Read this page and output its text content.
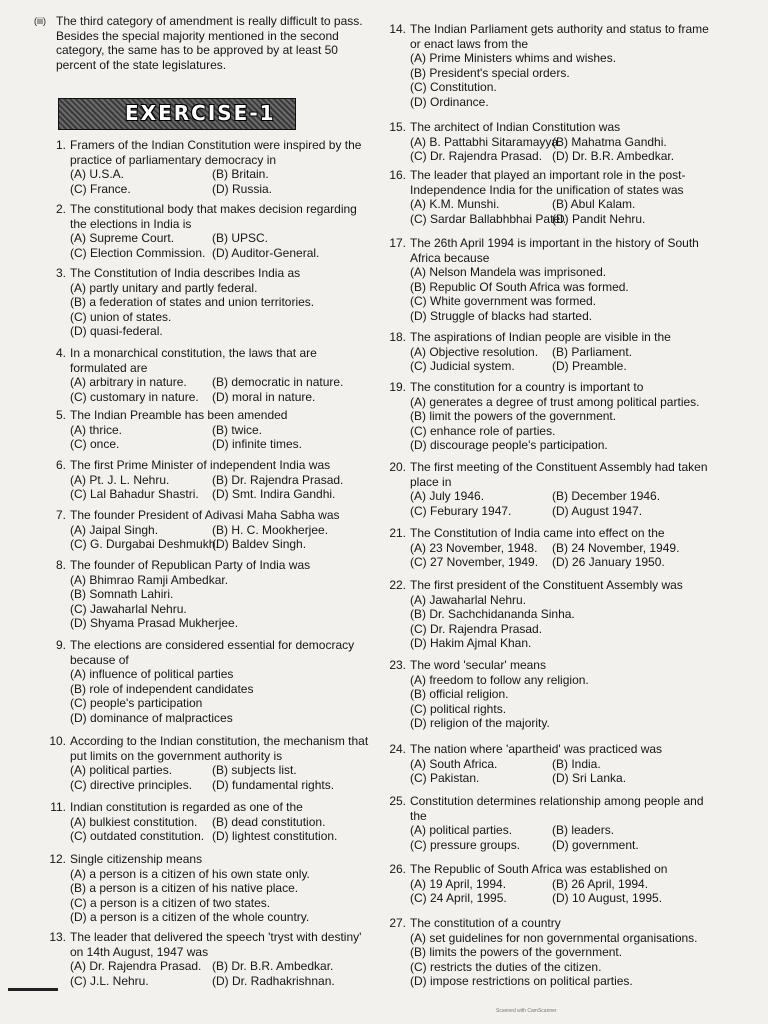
(iii) The third category of amendment is really difficult to pass. Besides the special majority mentioned in the second category, the same has to be approved by at least 50 percent of the state legislatures.
EXERCISE-1
1. Framers of the Indian Constitution were inspired by the practice of parliamentary democracy in
(A) U.S.A.	(B) Britain.
(C) France.	(D) Russia.
2. The constitutional body that makes decision regarding the elections in India is
(A) Supreme Court.	(B) UPSC.
(C) Election Commission. (D) Auditor-General.
3. The Constitution of India describes India as
(A) partly unitary and partly federal.
(B) a federation of states and union territories.
(C) union of states.
(D) quasi-federal.
4. In a monarchical constitution, the laws that are formulated are
(A) arbitrary in nature.	(B) democratic in nature.
(C) customary in nature.	(D) moral in nature.
5. The Indian Preamble has been amended
(A) thrice.	(B) twice.
(C) once.	(D) infinite times.
6. The first Prime Minister of independent India was
(A) Pt. J. L. Nehru.	(B) Dr. Rajendra Prasad.
(C) Lal Bahadur Shastri.	(D) Smt. Indira Gandhi.
7. The founder President of Adivasi Maha Sabha was
(A) Jaipal Singh.	(B) H. C. Mookherjee.
(C) G. Durgabai Deshmukh.
(D) Baldev Singh.
8. The founder of Republican Party of India was
(A) Bhimrao Ramji Ambedkar.
(B) Somnath Lahiri.
(C) Jawaharlal Nehru.
(D) Shyama Prasad Mukherjee.
9. The elections are considered essential for democracy because of
(A) influence of political parties
(B) role of independent candidates
(C) people's participation
(D) dominance of malpractices
10. According to the Indian constitution, the mechanism that put limits on the government authority is
(A) political parties.	(B) subjects list.
(C) directive principles.	(D) fundamental rights.
11. Indian constitution is regarded as one of the
(A) bulkiest constitution.	(B) dead constitution.
(C) outdated constitution. (D) lightest constitution.
12. Single citizenship means
(A) a person is a citizen of his own state only.
(B) a person is a citizen of his native place.
(C) a person is a citizen of two states.
(D) a person is a citizen of the whole country.
13. The leader that delivered the speech 'tryst with destiny' on 14th August, 1947 was
(A) Dr. Rajendra Prasad. (B) Dr. B.R. Ambedkar.
(C) J.L. Nehru.	(D) Dr. Radhakrishnan.
14. The Indian Parliament gets authority and status to frame or enact laws from the
(A) Prime Ministers whims and wishes.
(B) President's special orders.
(C) Constitution.
(D) Ordinance.
15. The architect of Indian Constitution was
(A) B. Pattabhi Sitaramayya.
(B) Mahatma Gandhi.
(C) Dr. Rajendra Prasad. (D) Dr. B.R. Ambedkar.
16. The leader that played an important role in the post-Independence India for the unification of states was
(A) K.M. Munshi.	(B) Abul Kalam.
(C) Sardar Ballabhbhai Patel.
(D) Pandit Nehru.
17. The 26th April 1994 is important in the history of South Africa because
(A) Nelson Mandela was imprisoned.
(B) Republic Of South Africa was formed.
(C) White government was formed.
(D) Struggle of blacks had started.
18. The aspirations of Indian people are visible in the
(A) Objective resolution.	(B) Parliament.
(C) Judicial system.	(D) Preamble.
19. The constitution for a country is important to
(A) generates a degree of trust among political parties.
(B) limit the powers of the government.
(C) enhance role of parties.
(D) discourage people's participation.
20. The first meeting of the Constituent Assembly had taken place in
(A) July 1946.	(B) December 1946.
(C) Feburary 1947.	(D) August 1947.
21. The Constitution of India came into effect on the
(A) 23 November, 1948.	(B) 24 November, 1949.
(C) 27 November, 1949.	(D) 26 January 1950.
22. The first president of the Constituent Assembly was
(A) Jawaharlal Nehru.
(B) Dr. Sachchidananda Sinha.
(C) Dr. Rajendra Prasad.
(D) Hakim Ajmal Khan.
23. The word 'secular' means
(A) freedom to follow any religion.
(B) official religion.
(C) political rights.
(D) religion of the majority.
24. The nation where 'apartheid' was practiced was
(A) South Africa.	(B) India.
(C) Pakistan.	(D) Sri Lanka.
25. Constitution determines relationship among people and the
(A) political parties.	(B) leaders.
(C) pressure groups.	(D) government.
26. The Republic of South Africa was established on
(A) 19 April, 1994.	(B) 26 April, 1994.
(C) 24 April, 1995.	(D) 10 August, 1995.
27. The constitution of a country
(A) set guidelines for non governmental organisations.
(B) limits the powers of the government.
(C) restricts the duties of the citizen.
(D) impose restrictions on political parties.
Scanned with CamScanner
